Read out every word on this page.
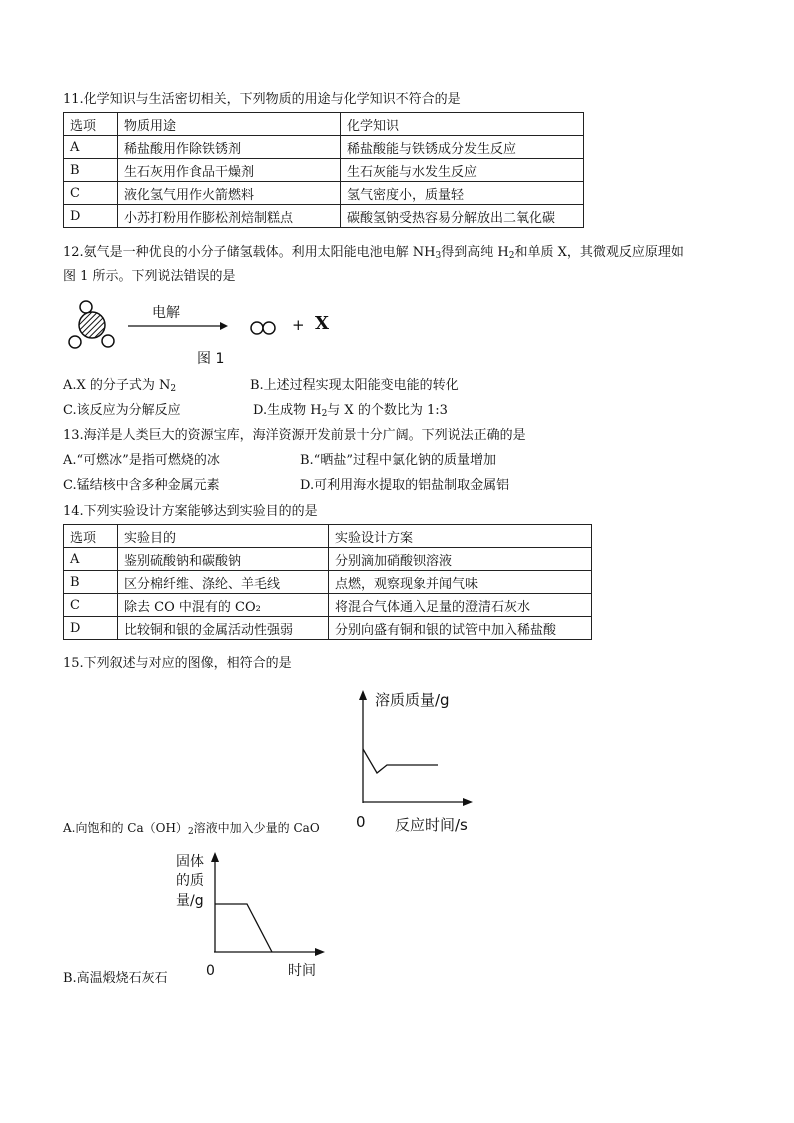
11.化学知识与生活密切相关，下列物质的用途与化学知识不符合的是
选项	物质用途	化学知识
A	稀盐酸用作除铁锈剂	稀盐酸能与铁锈成分发生反应
B	生石灰用作食品干燥剂	生石灰能与水发生反应
C	液化氢气用作火箭燃料	氢气密度小，质量轻
D	小苏打粉用作膨松剂焙制糕点	碳酸氢钠受热容易分解放出二氧化碳
12.氨气是一种优良的小分子储氢载体。利用太阳能电池电解 $NH_3$得到高纯 $H_2$和单质 X，其微观反应原理如
图 1 所示。下列说法错误的是
电解
+ X
图 1
A.X 的分子式为 $N_2$	B.上述过程实现太阳能变电能的转化
C.该反应为分解反应	D.生成物 $H_2$与 X 的个数比为 1:3
13.海洋是人类巨大的资源宝库，海洋资源开发前景十分广阔。下列说法正确的是
A.“可燃冰”是指可燃烧的冰	B.“晒盐”过程中氯化钠的质量增加
C.锰结核中含多种金属元素	D.可利用海水提取的铝盐制取金属铝
14.下列实验设计方案能够达到实验目的的是
选项	实验目的	实验设计方案
A	鉴别硫酸钠和碳酸钠	分别滴加硝酸钡溶液
B	区分棉纤维、涤纶、羊毛线	点燃，观察现象并闻气味
C	除去 CO 中混有的 CO₂	将混合气体通入足量的澄清石灰水
D	比较铜和银的金属活动性强弱	分别向盛有铜和银的试管中加入稀盐酸
15.下列叙述与对应的图像，相符合的是
溶质质量/g
0 反应时间/s
A.向饱和的 $Ca(OH)_2$溶液中加入少量的 CaO
固体
的质
量/g
0	时间
B.高温煅烧石灰石
